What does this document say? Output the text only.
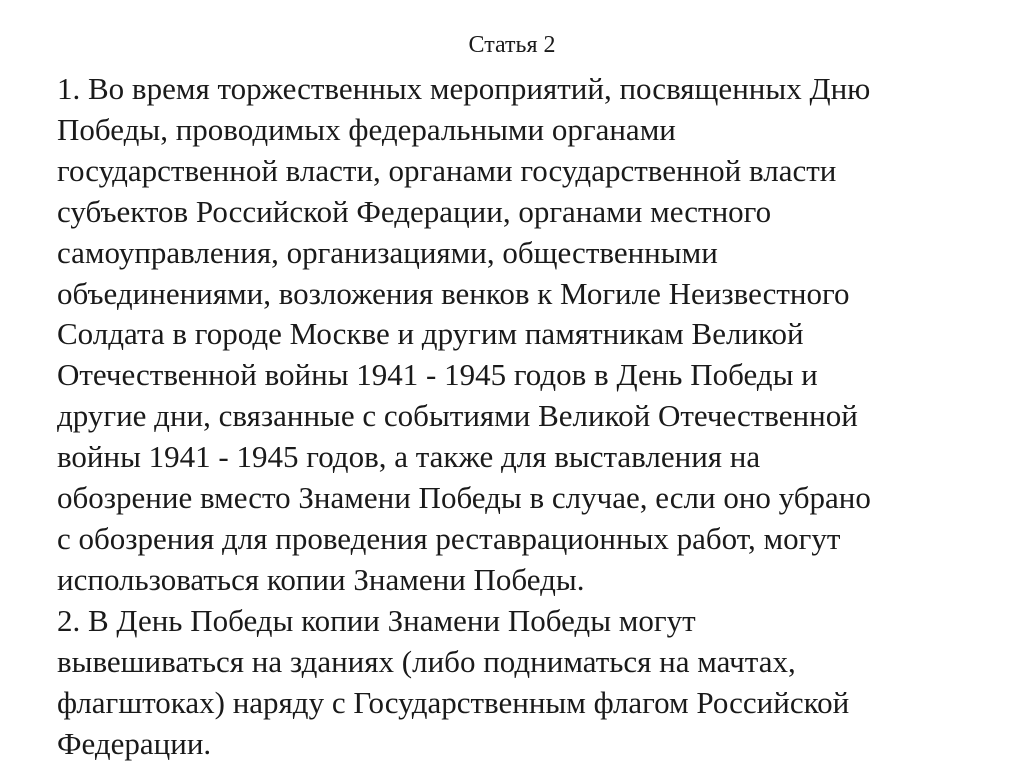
Статья 2
1. Во время торжественных мероприятий, посвященных Дню
Победы, проводимых федеральными органами
государственной власти, органами государственной власти
субъектов Российской Федерации, органами местного
самоуправления, организациями, общественными
объединениями, возложения венков к Могиле Неизвестного
Солдата в городе Москве и другим памятникам Великой
Отечественной войны 1941 - 1945 годов в День Победы и
другие дни, связанные с событиями Великой Отечественной
войны 1941 - 1945 годов, а также для выставления на
обозрение вместо Знамени Победы в случае, если оно убрано
с обозрения для проведения реставрационных работ, могут
использоваться копии Знамени Победы.
2. В День Победы копии Знамени Победы могут
вывешиваться на зданиях (либо подниматься на мачтах,
флагштоках) наряду с Государственным флагом Российской
Федерации.
